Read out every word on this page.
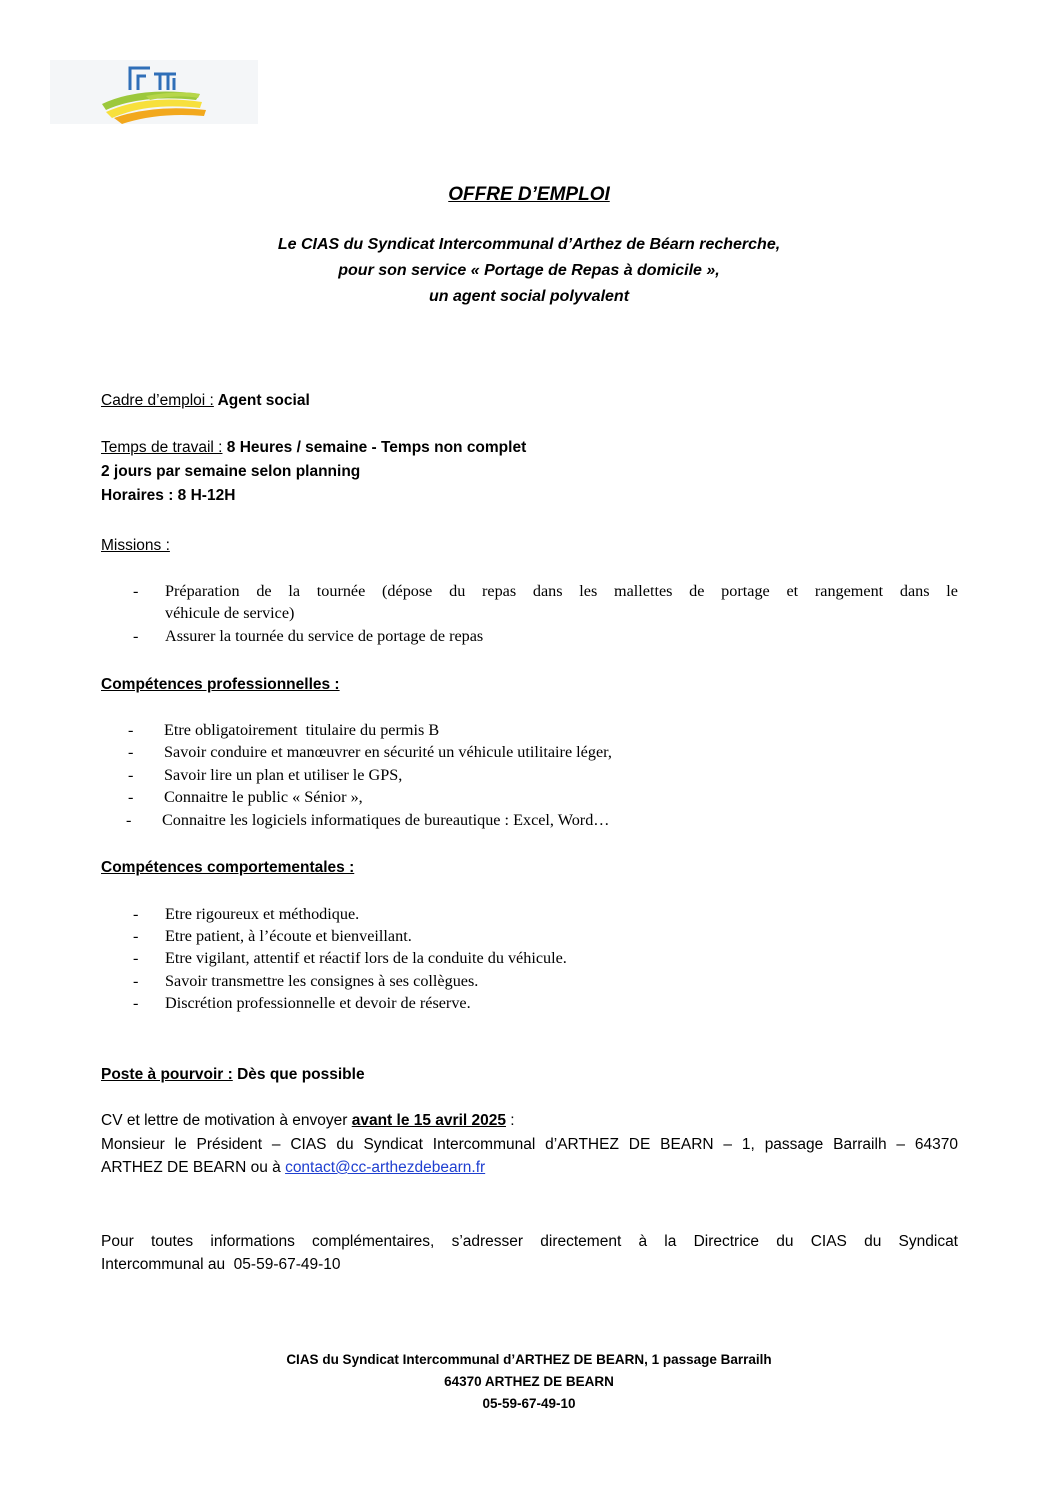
OFFRE D’EMPLOI
Le CIAS du Syndicat Intercommunal d’Arthez de Béarn recherche,
pour son service « Portage de Repas à domicile »,
un agent social polyvalent
Cadre d’emploi : Agent social
Temps de travail : 8 Heures / semaine - Temps non complet
2 jours par semaine selon planning
Horaires : 8 H-12H
Missions :
- Préparation de la tournée (dépose du repas dans les mallettes de portage et rangement dans le
véhicule de service)
- Assurer la tournée du service de portage de repas
Compétences professionnelles :
- Etre obligatoirement  titulaire du permis B
- Savoir conduire et manœuvrer en sécurité un véhicule utilitaire léger,
- Savoir lire un plan et utiliser le GPS,
- Connaitre le public « Sénior »,
- Connaitre les logiciels informatiques de bureautique : Excel, Word…
Compétences comportementales :
- Etre rigoureux et méthodique.
- Etre patient, à l’écoute et bienveillant.
- Etre vigilant, attentif et réactif lors de la conduite du véhicule.
- Savoir transmettre les consignes à ses collègues.
- Discrétion professionnelle et devoir de réserve.
Poste à pourvoir : Dès que possible
CV et lettre de motivation à envoyer avant le 15 avril 2025 :
Monsieur le Président – CIAS du Syndicat Intercommunal d’ARTHEZ DE BEARN – 1, passage Barrailh – 64370
ARTHEZ DE BEARN ou à contact@cc-arthezdebearn.fr
Pour toutes informations complémentaires, s’adresser directement à la Directrice du CIAS du Syndicat
Intercommunal au  05-59-67-49-10
CIAS du Syndicat Intercommunal d’ARTHEZ DE BEARN, 1 passage Barrailh
64370 ARTHEZ DE BEARN
05-59-67-49-10
